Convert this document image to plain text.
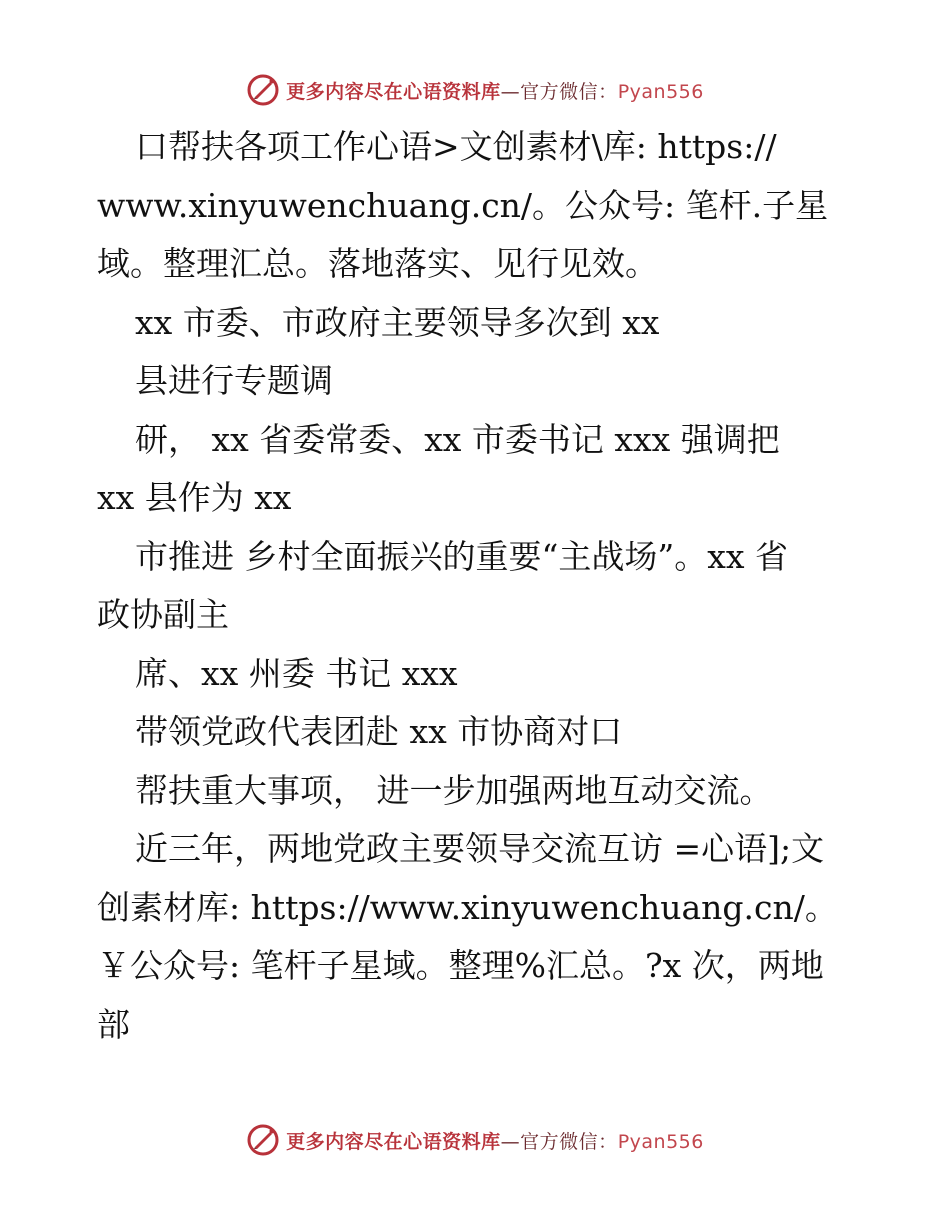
更多内容尽在心语资料库—官方微信：Pyan556
口帮扶各项工作心语>文创素材\库: https://
www.xinyuwenchuang.cn/。公众号: 笔杆.子星
域。整理汇总。落地落实、见行见效。
xx 市委、市政府主要领导多次到 xx
县进行专题调
研， xx 省委常委、xx 市委书记 xxx 强调把
xx 县作为 xx
市推进 乡村全面振兴的重要“主战场”。xx 省
政协副主
席、xx 州委 书记 xxx
带领党政代表团赴 xx 市协商对口
帮扶重大事项， 进一步加强两地互动交流。
近三年，两地党政主要领导交流互访 =心语];文
创素材库: https://www.xinyuwenchuang.cn/。
￥公众号: 笔杆子星域。整理%汇总。?x 次，两地
部
更多内容尽在心语资料库—官方微信：Pyan556
